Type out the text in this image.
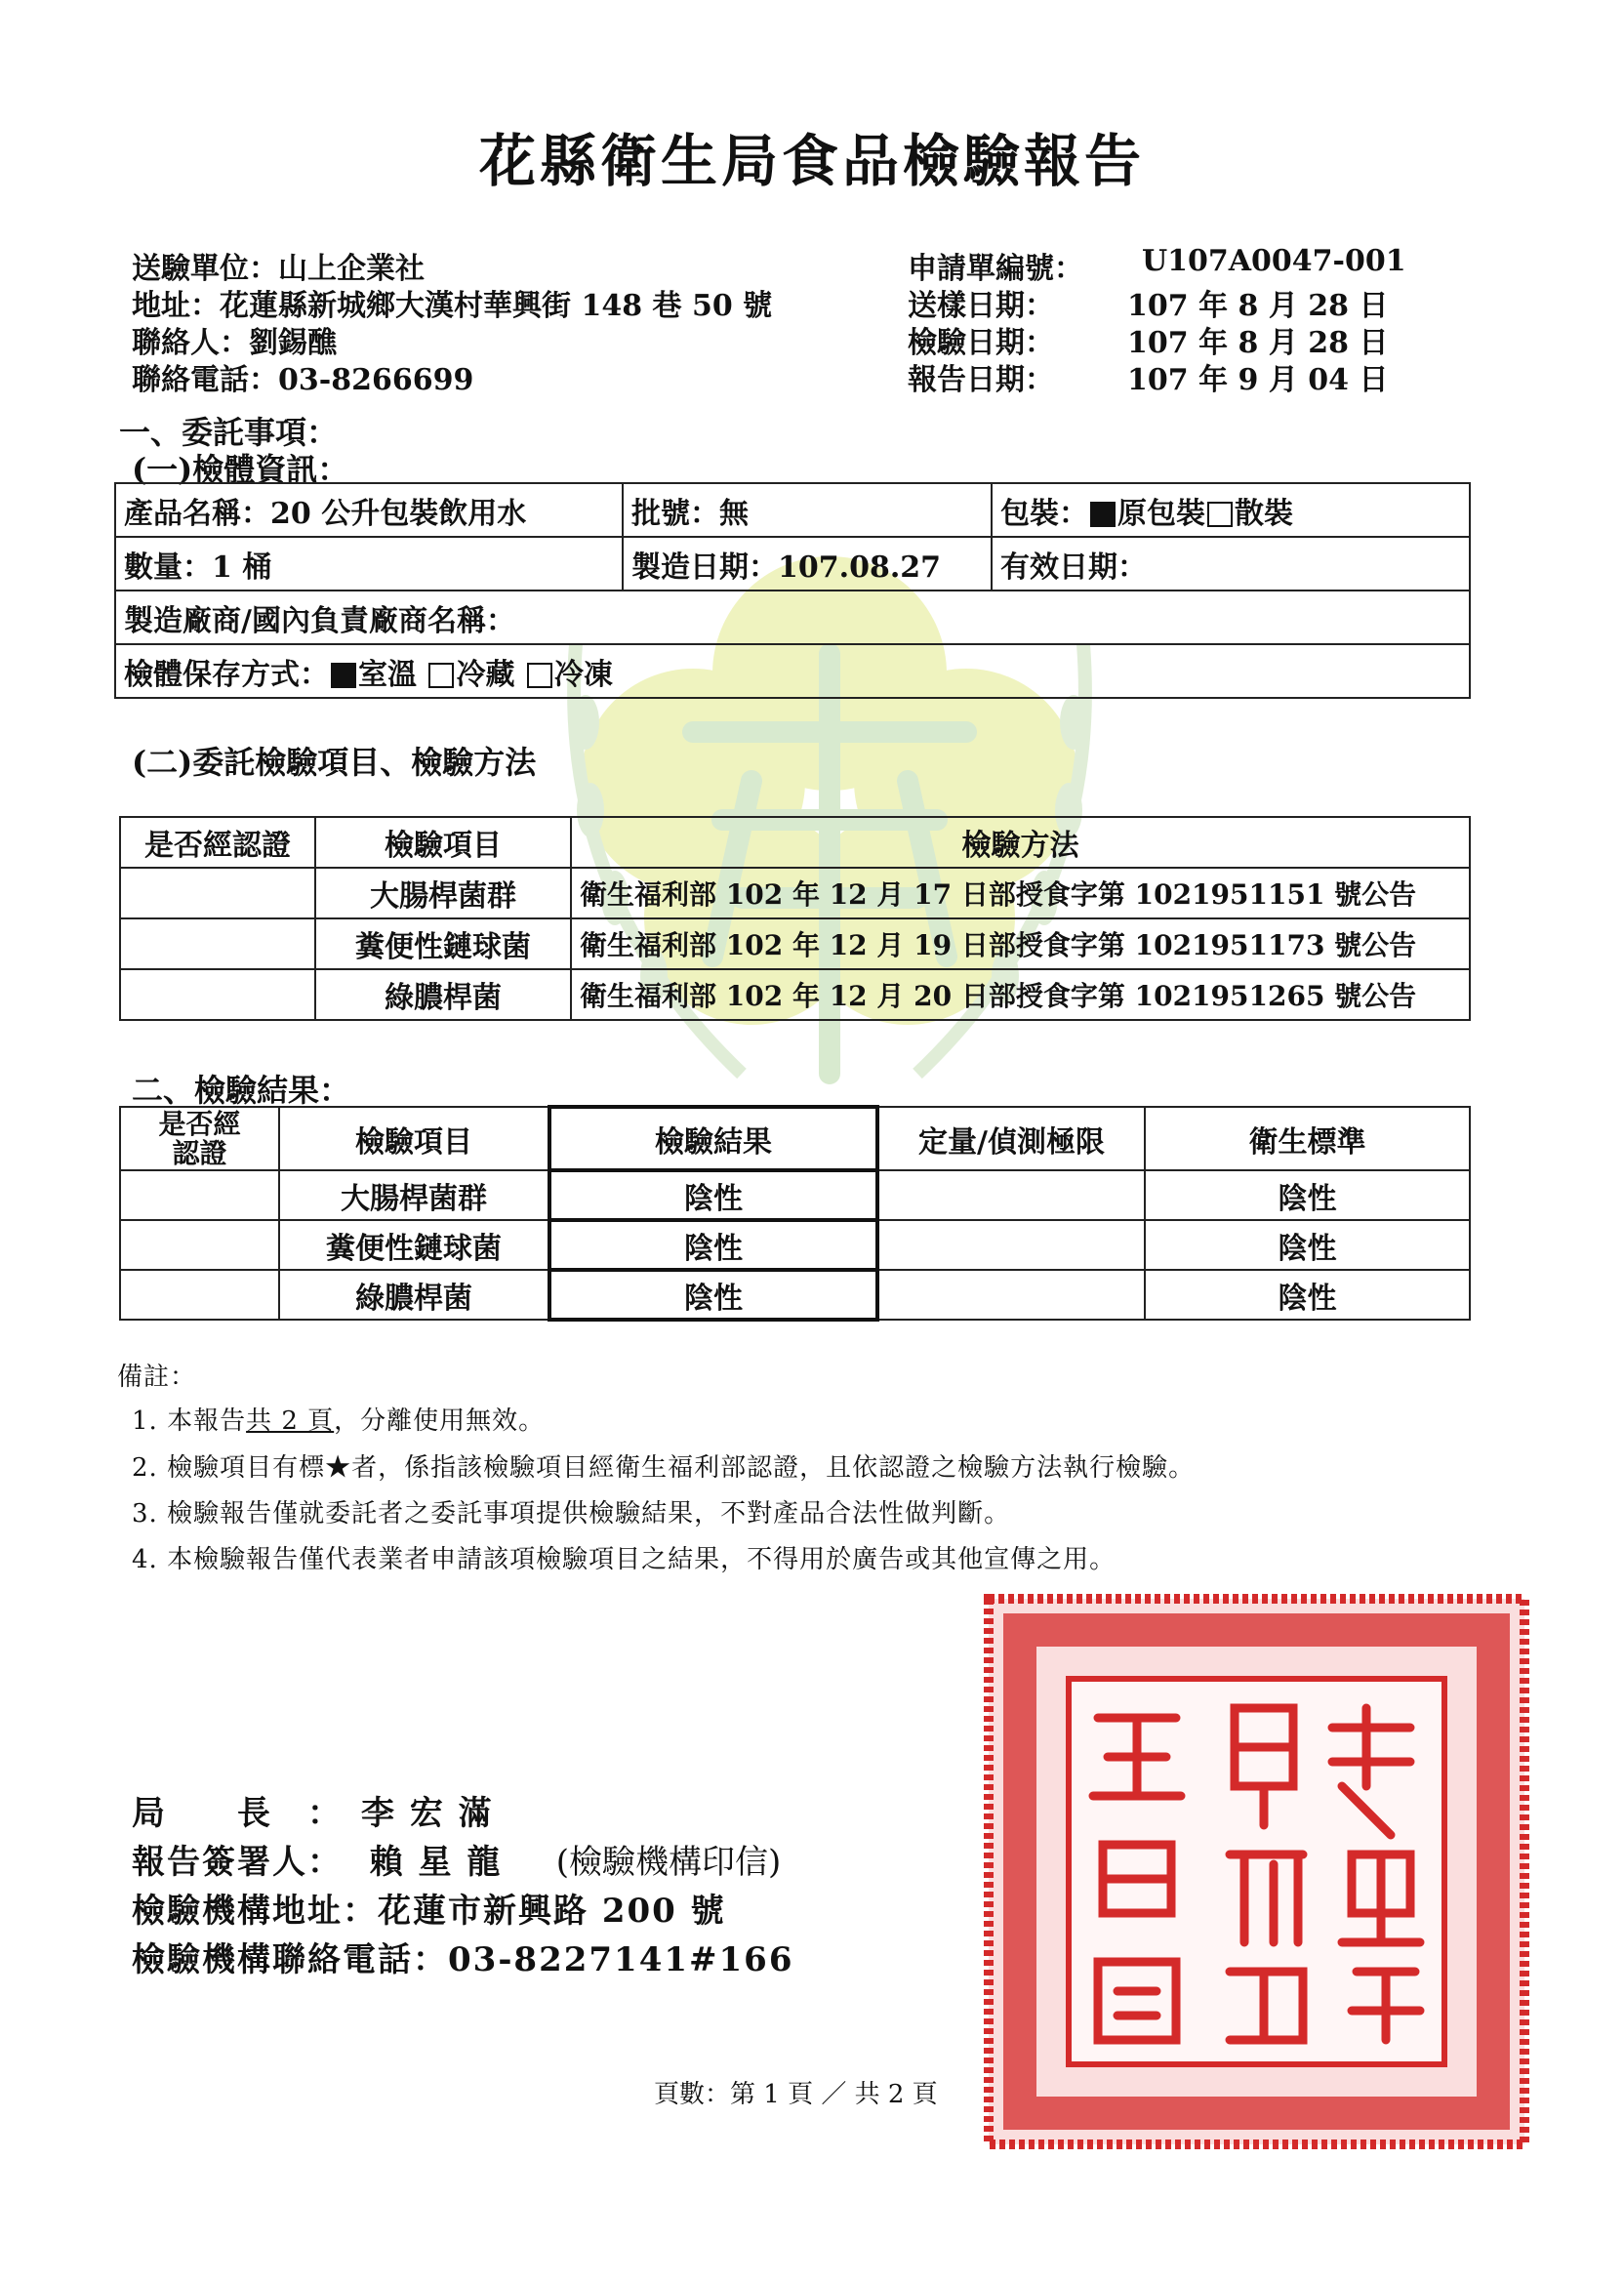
花縣衛生局食品檢驗報告
送驗單位：山上企業社
地址：花蓮縣新城鄉大漢村華興街 148 巷 50 號
聯絡人：劉錫醮
聯絡電話：03-8266699
申請單編號： U107A0047-001
送樣日期：	107 年 8 月 28 日
檢驗日期：	107 年 8 月 28 日
報告日期：	107 年 9 月 04 日
一、委託事項：
(一)檢體資訊：
產品名稱：20 公升包裝飲用水	批號：無	包裝： 原包裝 散裝
數量：1 桶	製造日期：107.08.27	有效日期：
製造廠商/國內負責廠商名稱：		
檢體保存方式： 室溫 冷藏 冷凍		
(二)委託檢驗項目、檢驗方法
是否經認證	檢驗項目	檢驗方法
	大腸桿菌群	衛生福利部 102 年 12 月 17 日部授食字第 1021951151 號公告
	糞便性鏈球菌	衛生福利部 102 年 12 月 19 日部授食字第 1021951173 號公告
	綠膿桿菌	衛生福利部 102 年 12 月 20 日部授食字第 1021951265 號公告
二、檢驗結果：
是否經
認證	檢驗項目	檢驗結果	定量/偵測極限	衛生標準
	大腸桿菌群	陰性		陰性
	糞便性鏈球菌	陰性		陰性
	綠膿桿菌	陰性		陰性
備註：
1. 本報告共 2 頁，分離使用無效。
2. 檢驗項目有標★者，係指該檢驗項目經衛生福利部認證，且依認證之檢驗方法執行檢驗。
3. 檢驗報告僅就委託者之委託事項提供檢驗結果，不對產品合法性做判斷。
4. 本檢驗報告僅代表業者申請該項檢驗項目之結果，不得用於廣告或其他宣傳之用。
局　　長　：　李 宏 滿
報告簽署人： 賴 星 龍 (檢驗機構印信)
檢驗機構地址：花蓮市新興路 200 號
檢驗機構聯絡電話：03-8227141#166
頁數：第 1 頁 ／ 共 2 頁
